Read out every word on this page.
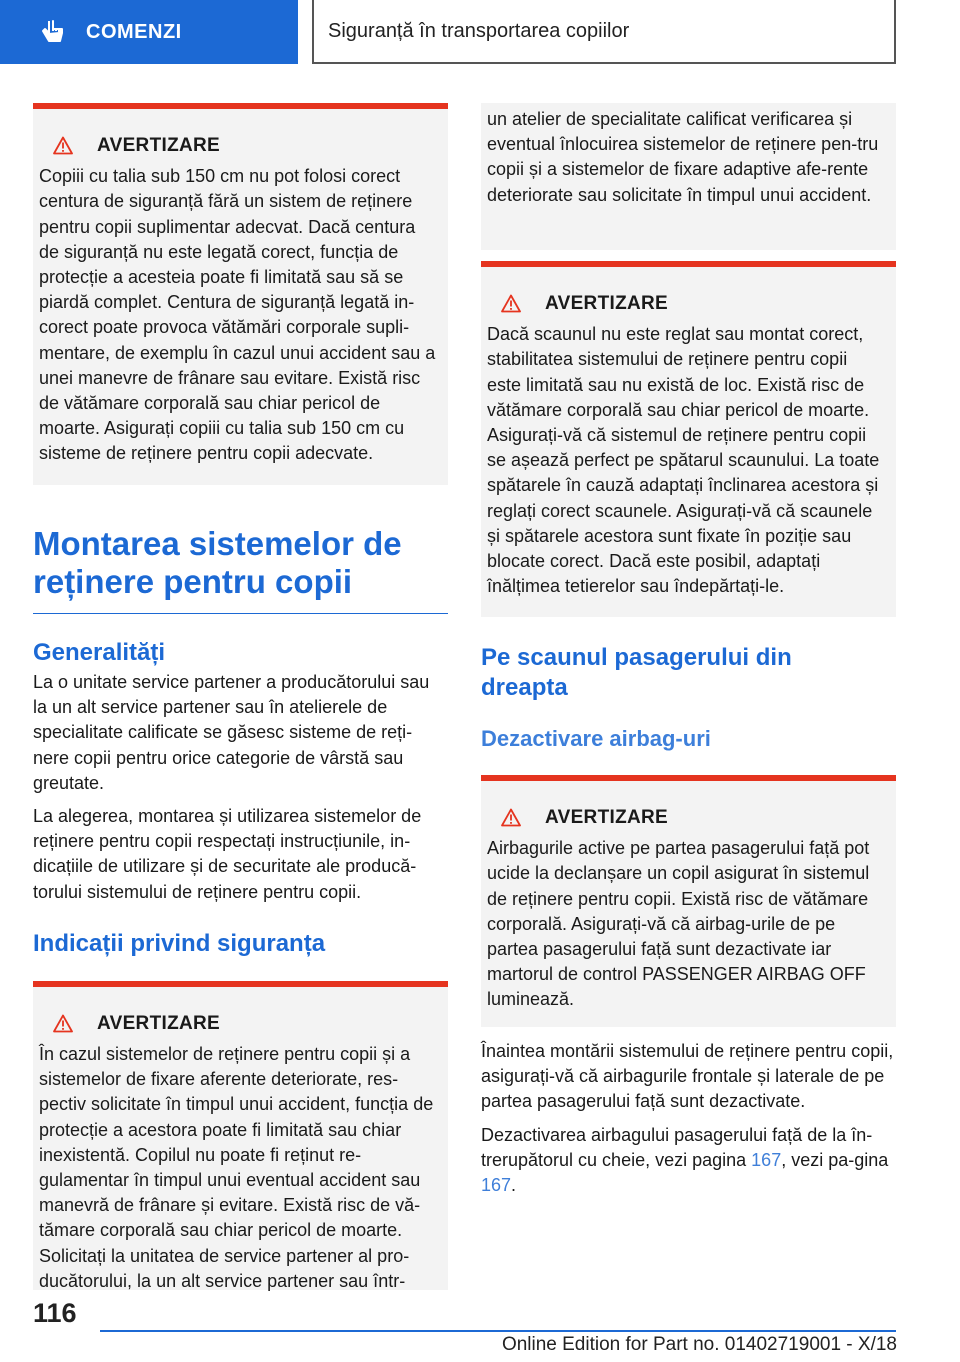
COMENZI	Siguranță în transportarea copiilor
AVERTIZARE

Copiii cu talia sub 150 cm nu pot folosi corect centura de siguranță fără un sistem de reținere pentru copii suplimentar adecvat. Dacă centura de siguranță nu este legată corect, funcția de protecție a acesteia poate fi limitată sau să se piardă complet. Centura de siguranță legată in-corect poate provoca vătămări corporale supli-mentare, de exemplu în cazul unui accident sau a unei manevre de frânare sau evitare. Există risc de vătămare corporală sau chiar pericol de moarte. Asigurați copiii cu talia sub 150 cm cu sisteme de reținere pentru copii adecvate.

Montarea sistemelor de reținere pentru copii
Generalități

La o unitate service partener a producătorului sau la un alt service partener sau în atelierele de specialitate calificate se găsesc sisteme de reți-nere copii pentru orice categorie de vârstă sau greutate.

La alegerea, montarea și utilizarea sistemelor de reținere pentru copii respectați instrucțiunile, in-dicațiile de utilizare și de securitate ale producă-torului sistemului de reținere pentru copii.

Indicații privind siguranța
AVERTIZARE

În cazul sistemelor de reținere pentru copii și a sistemelor de fixare aferente deteriorate, res-pectiv solicitate în timpul unui accident, funcția de protecție a acestora poate fi limitată sau chiar inexistentă. Copilul nu poate fi reținut re-gulamentar în timpul unui eventual accident sau manevră de frânare și evitare. Există risc de vă-tămare corporală sau chiar pericol de moarte. Solicitați la unitatea de service partener al pro-ducătorului, la un alt service partener sau într-

un atelier de specialitate calificat verificarea și eventual înlocuirea sistemelor de reținere pen-tru copii și a sistemelor de fixare adaptive afe-rente deteriorate sau solicitate în timpul unui accident.

AVERTIZARE

Dacă scaunul nu este reglat sau montat corect, stabilitatea sistemului de reținere pentru copii este limitată sau nu există de loc. Există risc de vătămare corporală sau chiar pericol de moarte. Asigurați-vă că sistemul de reținere pentru copii se așează perfect pe spătarul scaunului. La toate spătarele în cauză adaptați înclinarea acestora și reglați corect scaunele. Asigurați-vă că scaunele și spătarele acestora sunt fixate în poziție sau blocate corect. Dacă este posibil, adaptați înălțimea tetierelor sau îndepărtați-le.

Pe scaunul pasagerului din dreapta
Dezactivare airbag-uri
AVERTIZARE

Airbagurile active pe partea pasagerului față pot ucide la declanșare un copil asigurat în sistemul de reținere pentru copii. Există risc de vătămare corporală. Asigurați-vă că airbag-urile de pe partea pasagerului față sunt dezactivate iar martorul de control PASSENGER AIRBAG OFF luminează.

Înaintea montării sistemului de reținere pentru copii, asigurați-vă că airbagurile frontale și laterale de pe partea pasagerului față sunt dezactivate.

Dezactivarea airbagului pasagerului față de la în-trerupătorul cu cheie, vezi pagina 167, vezi pa-gina 167.

116
Online Edition for Part no. 01402719001 - X/18
